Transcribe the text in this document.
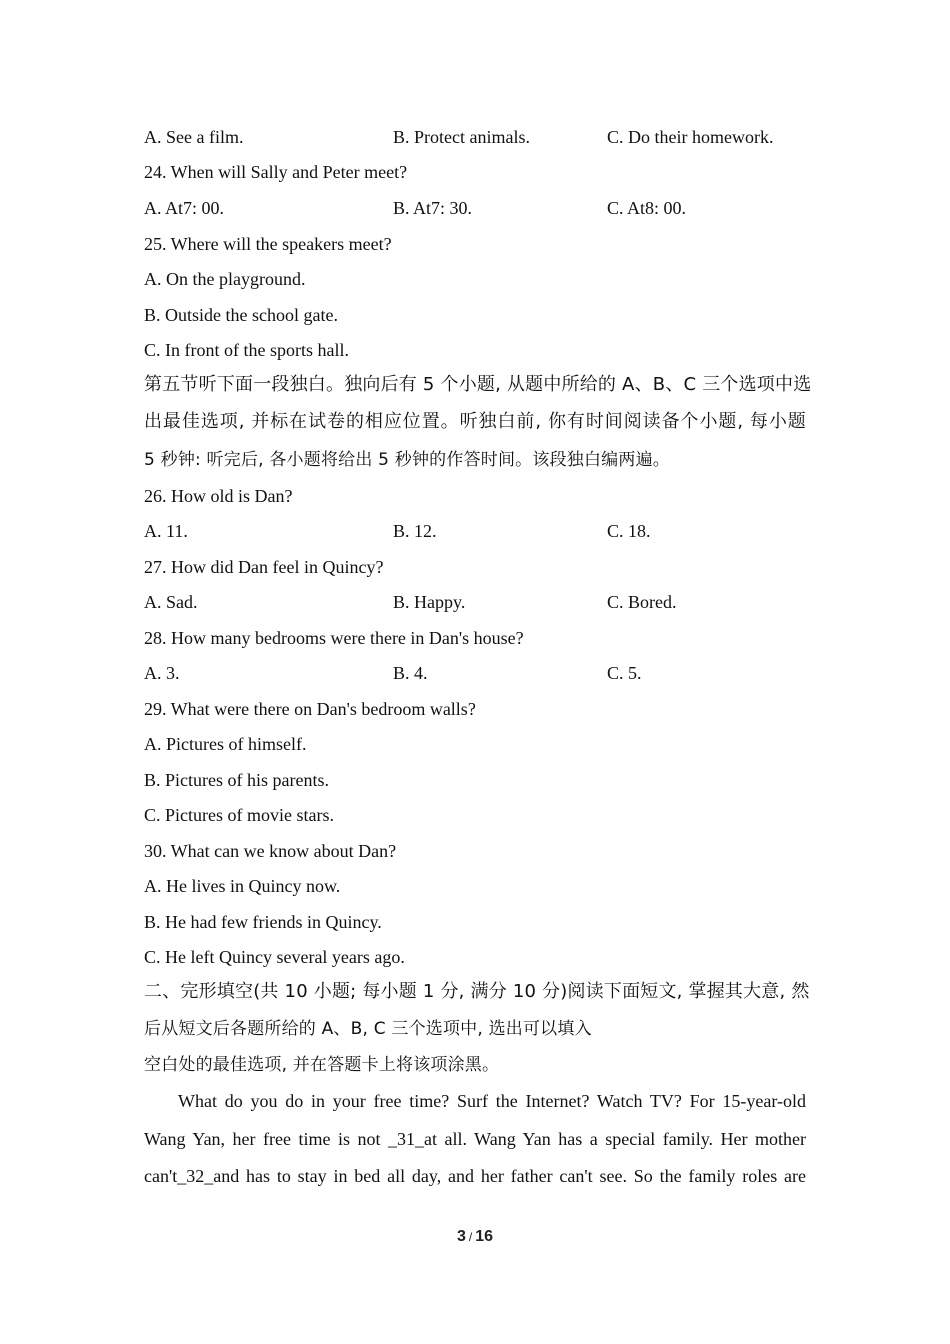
A. See a film.	B. Protect animals.	C. Do their homework.
24. When will Sally and Peter meet?
A. At7: 00.	B. At7: 30.	C. At8: 00.
25. Where will the speakers meet?
A. On the playground.
B. Outside the school gate.
C. In front of the sports hall.
第五节听下面一段独白。独向后有 5 个小题, 从题中所给的 A、B、C 三个选项中选
出最佳选项, 并标在试卷的相应位置。听独白前, 你有时间阅读备个小题, 每小题
5 秒钟: 听完后, 各小题将给出 5 秒钟的作答时间。该段独白编两遍。
26. How old is Dan?
A. 11.	B. 12.	C. 18.
27. How did Dan feel in Quincy?
A. Sad.	B. Happy.	C. Bored.
28. How many bedrooms were there in Dan's house?
A. 3.	B. 4.	C. 5.
29. What were there on Dan's bedroom walls?
A. Pictures of himself.
B. Pictures of his parents.
C. Pictures of movie stars.
30. What can we know about Dan?
A. He lives in Quincy now.
B. He had few friends in Quincy.
C. He left Quincy several years ago.
二、完形填空(共 10 小题; 每小题 1 分, 满分 10 分)阅读下面短文, 掌握其大意, 然
后从短文后各题所给的 A、B, C 三个选项中, 选出可以填入
空白处的最佳选项, 并在答题卡上将该项涂黑。
What do you do in your free time? Surf the Internet? Watch TV? For 15-year-old
Wang Yan, her free time is not _31_at all. Wang Yan has a special family. Her mother
can't_32_and has to stay in bed all day, and her father can't see. So the family roles are
3 / 16
